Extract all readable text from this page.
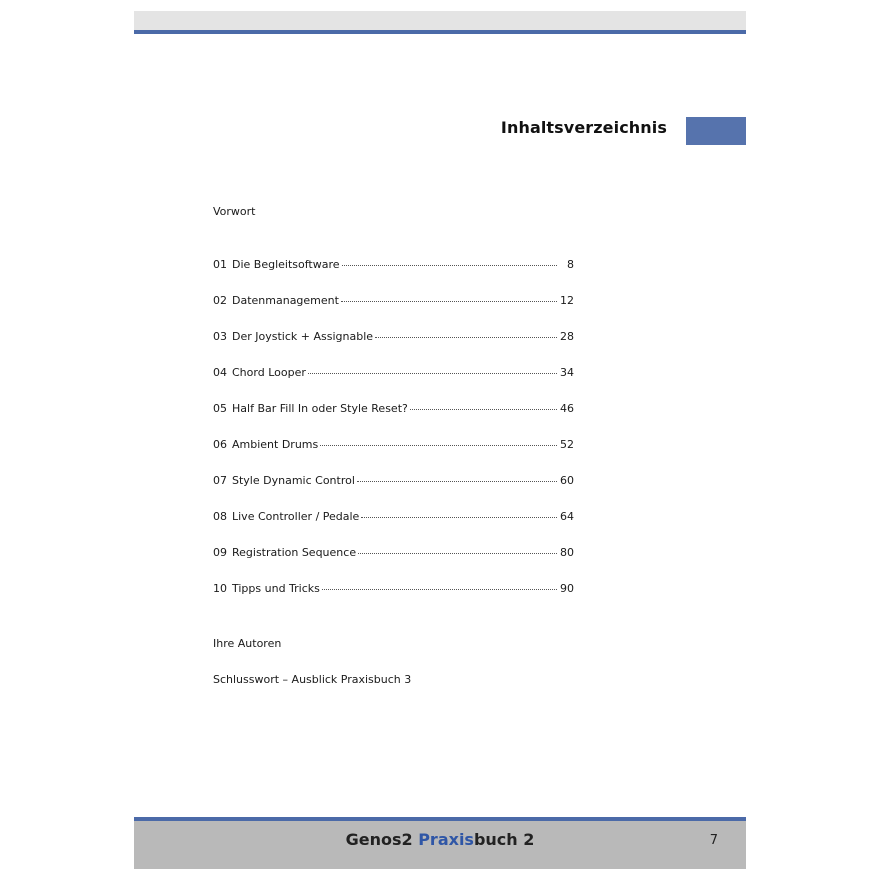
Inhaltsverzeichnis
Vorwort
01 Die Begleitsoftware	8
02 Datenmanagement	12
03 Der Joystick + Assignable	28
04 Chord Looper	34
05 Half Bar Fill In oder Style Reset?	46
06 Ambient Drums	52
07 Style Dynamic Control	60
08 Live Controller / Pedale	64
09 Registration Sequence	80
10 Tipps und Tricks	90
Ihre Autoren
Schlusswort – Ausblick Praxisbuch 3
Genos2 Praxisbuch 2	7
